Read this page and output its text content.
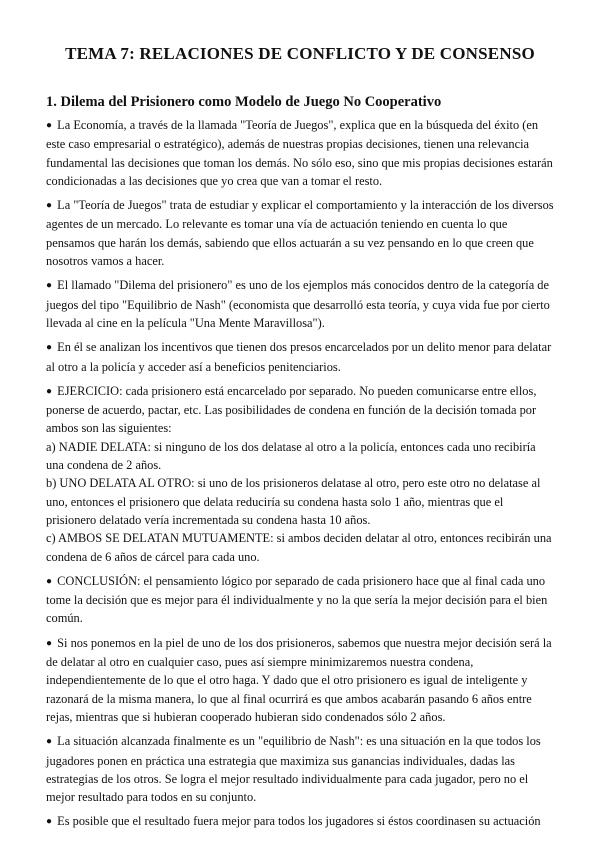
TEMA 7: RELACIONES DE CONFLICTO Y DE CONSENSO
1. Dilema del Prisionero como Modelo de Juego No Cooperativo

● La Economía, a través de la llamada "Teoría de Juegos", explica que en la búsqueda del éxito (en este caso empresarial o estratégico), además de nuestras propias decisiones, tienen una relevancia fundamental las decisiones que toman los demás. No sólo eso, sino que mis propias decisiones estarán condicionadas a las decisiones que yo crea que van a tomar el resto.

● La "Teoría de Juegos" trata de estudiar y explicar el comportamiento y la interacción de los diversos agentes de un mercado. Lo relevante es tomar una vía de actuación teniendo en cuenta lo que pensamos que harán los demás, sabiendo que ellos actuarán a su vez pensando en lo que creen que nosotros vamos a hacer.

● El llamado "Dilema del prisionero" es uno de los ejemplos más conocidos dentro de la categoría de juegos del tipo "Equilibrio de Nash" (economista que desarrolló esta teoría, y cuya vida fue por cierto llevada al cine en la película "Una Mente Maravillosa").

● En él se analizan los incentivos que tienen dos presos encarcelados por un delito menor para delatar al otro a la policía y acceder así a beneficios penitenciarios.

● EJERCICIO: cada prisionero está encarcelado por separado. No pueden comunicarse entre ellos, ponerse de acuerdo, pactar, etc. Las posibilidades de condena en función de la decisión tomada por ambos son las siguientes:

a) NADIE DELATA: si ninguno de los dos delatase al otro a la policía, entonces cada uno recibiría una condena de 2 años.

b) UNO DELATA AL OTRO: si uno de los prisioneros delatase al otro, pero este otro no delatase al uno, entonces el prisionero que delata reduciría su condena hasta solo 1 año, mientras que el prisionero delatado vería incrementada su condena hasta 10 años.

c) AMBOS SE DELATAN MUTUAMENTE: si ambos deciden delatar al otro, entonces recibirán una condena de 6 años de cárcel para cada uno.

● CONCLUSIÓN: el pensamiento lógico por separado de cada prisionero hace que al final cada uno tome la decisión que es mejor para él individualmente y no la que sería la mejor decisión para el bien común.

● Si nos ponemos en la piel de uno de los dos prisioneros, sabemos que nuestra mejor decisión será la de delatar al otro en cualquier caso, pues así siempre minimizaremos nuestra condena, independientemente de lo que el otro haga. Y dado que el otro prisionero es igual de inteligente y razonará de la misma manera, lo que al final ocurrirá es que ambos acabarán pasando 6 años entre rejas, mientras que si hubieran cooperado hubieran sido condenados sólo 2 años.

● La situación alcanzada finalmente es un "equilibrio de Nash": es una situación en la que todos los jugadores ponen en práctica una estrategia que maximiza sus ganancias individuales, dadas las estrategias de los otros. Se logra el mejor resultado individualmente para cada jugador, pero no el mejor resultado para todos en su conjunto.

● Es posible que el resultado fuera mejor para todos los jugadores si éstos coordinasen su actuación
